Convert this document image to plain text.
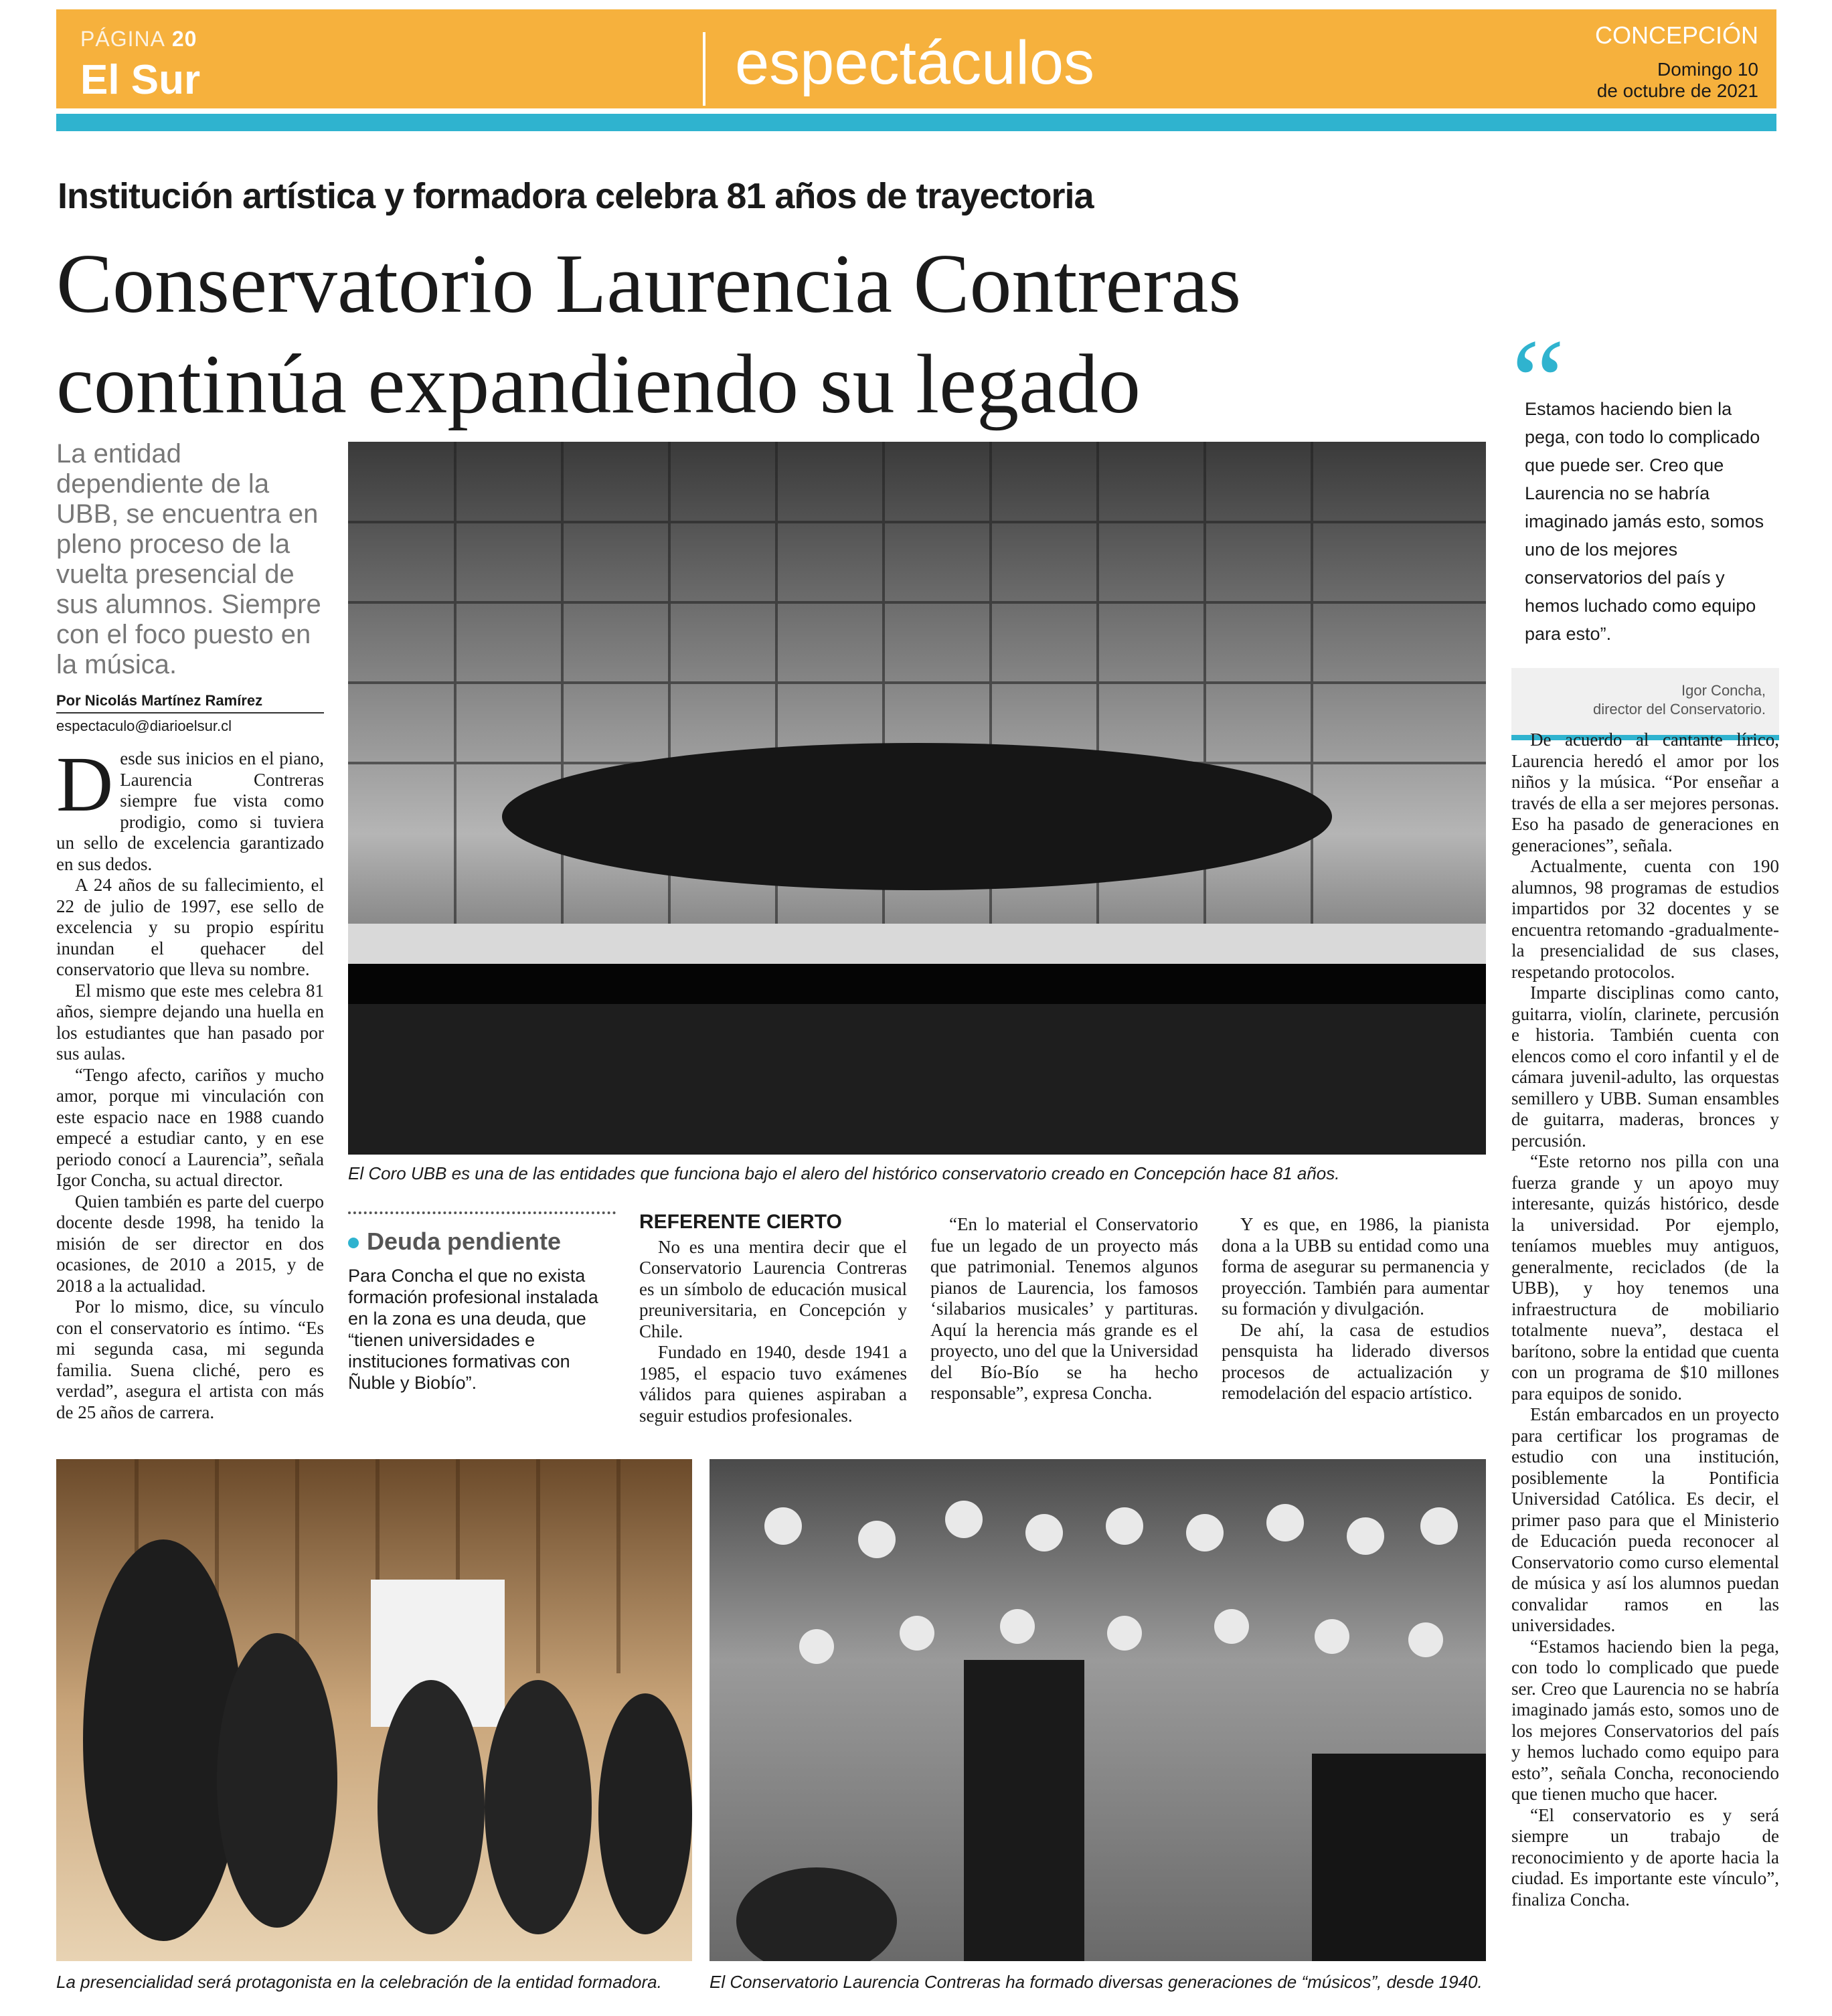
PÁGINA 20
El Sur	espectáculos	CONCEPCIÓN
Domingo 10
de octubre de 2021
Institución artística y formadora celebra 81 años de trayectoria
Conservatorio Laurencia Contreras
continúa expandiendo su legado
La entidad dependiente de la UBB, se encuentra en pleno proceso de la vuelta presencial de sus alumnos. Siempre con el foco puesto en la música.
Por Nicolás Martínez Ramírez
espectaculo@diarioelsur.cl

Desde sus inicios en el piano, Laurencia Contreras siempre fue vista como prodigio, como si tuviera un sello de excelencia garantizado en sus dedos.

A 24 años de su fallecimiento, el 22 de julio de 1997, ese sello de excelencia y su propio espíritu inundan el quehacer del conservatorio que lleva su nombre.

El mismo que este mes celebra 81 años, siempre dejando una huella en los estudiantes que han pasado por sus aulas.

“Tengo afecto, cariños y mucho amor, porque mi vinculación con este espacio nace en 1988 cuando empecé a estudiar canto, y en ese periodo conocí a Laurencia”, señala Igor Concha, su actual director.

Quien también es parte del cuerpo docente desde 1998, ha tenido la misión de ser director en dos ocasiones, de 2010 a 2015, y de 2018 a la actualidad.

Por lo mismo, dice, su vínculo con el conservatorio es íntimo. “Es mi segunda casa, mi segunda familia. Suena cliché, pero es verdad”, asegura el artista con más de 25 años de carrera.

El Coro UBB es una de las entidades que funciona bajo el alero del histórico conservatorio creado en Concepción hace 81 años.
Deuda pendiente
Para Concha el que no exista formación profesional instalada en la zona es una deuda, que “tienen universidades e instituciones formativas con Ñuble y Biobío”.
REFERENTE CIERTO

No es una mentira decir que el Conservatorio Laurencia Contreras es un símbolo de educación musical preuniversitaria, en Concepción y Chile.

Fundado en 1940, desde 1941 a 1985, el espacio tuvo exámenes válidos para quienes aspiraban a seguir estudios profesionales.

“En lo material el Conservatorio fue un legado de un proyecto más que patrimonial. Tenemos algunos pianos de Laurencia, los famosos ‘silabarios musicales’ y partituras. Aquí la herencia más grande es el proyecto, uno del que la Universidad del Bío-Bío se ha hecho responsable”, expresa Concha.

Y es que, en 1986, la pianista dona a la UBB su entidad como una forma de asegurar su permanencia y proyección. También para aumentar su formación y divulgación.

De ahí, la casa de estudios pensquista ha liderado diversos procesos de actualización y remodelación del espacio artístico.

“
Estamos haciendo bien la pega, con todo lo complicado que puede ser. Creo que Laurencia no se habría imaginado jamás esto, somos uno de los mejores conservatorios del país y hemos luchado como equipo para esto”.
Igor Concha,
director del Conservatorio.

De acuerdo al cantante lírico, Laurencia heredó el amor por los niños y la música. “Por enseñar a través de ella a ser mejores personas. Eso ha pasado de generaciones en generaciones”, señala.

Actualmente, cuenta con 190 alumnos, 98 programas de estudios impartidos por 32 docentes y se encuentra retomando -gradualmente- la presencialidad de sus clases, respetando protocolos.

Imparte disciplinas como canto, guitarra, violín, clarinete, percusión e historia. También cuenta con elencos como el coro infantil y el de cámara juvenil-adulto, las orquestas semillero y UBB. Suman ensambles de guitarra, maderas, bronces y percusión.

“Este retorno nos pilla con una fuerza grande y un apoyo muy interesante, quizás histórico, desde la universidad. Por ejemplo, teníamos muebles muy antiguos, generalmente, reciclados (de la UBB), y hoy tenemos una infraestructura de mobiliario totalmente nueva”, destaca el barítono, sobre la entidad que cuenta con un programa de $10 millones para equipos de sonido.

Están embarcados en un proyecto para certificar los programas de estudio con una institución, posiblemente la Pontificia Universidad Católica. Es decir, el primer paso para que el Ministerio de Educación pueda reconocer al Conservatorio como curso elemental de música y así los alumnos puedan convalidar ramos en las universidades.

“Estamos haciendo bien la pega, con todo lo complicado que puede ser. Creo que Laurencia no se habría imaginado jamás esto, somos uno de los mejores Conservatorios del país y hemos luchado como equipo para esto”, señala Concha, reconociendo que tienen mucho que hacer.

“El conservatorio es y será siempre un trabajo de reconocimiento y de aporte hacia la ciudad. Es importante este vínculo”, finaliza Concha.

La presencialidad será protagonista en la celebración de la entidad formadora.	El Conservatorio Laurencia Contreras ha formado diversas generaciones de “músicos”, desde 1940.
